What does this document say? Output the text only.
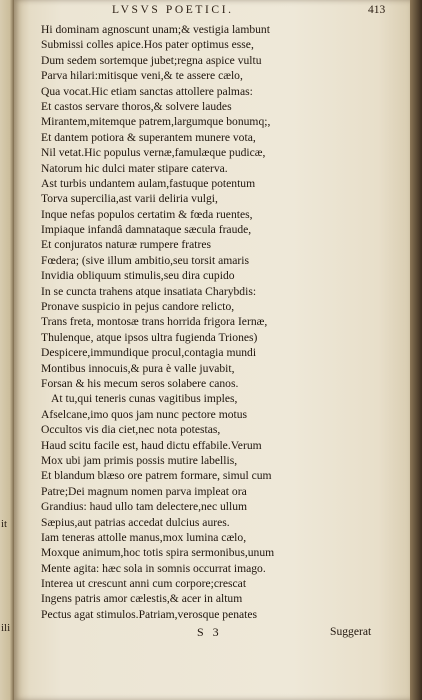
it
ili
LVSVS POETICI.	413
Hi dominam agnoscunt unam;& vestigia lambunt
Submissi colles apice.Hos pater optimus esse,
Dum sedem sortemque jubet;regna aspice vultu
Parva hilari:mitisque veni,& te assere cælo,
Qua vocat.Hic etiam sanctas attollere palmas:
Et castos servare thoros,& solvere laudes
Mirantem,mitemque patrem,largumque bonumq;,
Et dantem potiora & superantem munere vota,
Nil vetat.Hic populus vernæ,famulæque pudicæ,
Natorum hic dulci mater stipare caterva.
Ast turbis undantem aulam,fastuque potentum
Torva supercilia,ast varii deliria vulgi,
Inque nefas populos certatim & fœda ruentes,
Impiaque infandâ damnataque sæcula fraude,
Et conjuratos naturæ rumpere fratres
Fœdera; (sive illum ambitio,seu torsit amaris
Invidia obliquum stimulis,seu dira cupido
In se cuncta trahens atque insatiata Charybdis:
Pronave suspicio in pejus candore relicto,
Trans freta, montosæ trans horrida frigora Iernæ,
Thulenque, atque ipsos ultra fugienda Triones)
Despicere,immundique procul,contagia mundi
Montibus innocuis,& pura è valle juvabit,
Forsan & his mecum seros solabere canos.
At tu,qui teneris cunas vagitibus imples,
Afselcane,imo quos jam nunc pectore motus
Occultos vis dia ciet,nec nota potestas,
Haud scitu facile est, haud dictu effabile.Verum
Mox ubi jam primis possis mutire labellis,
Et blandum blæso ore patrem formare, simul cum
Patre;Dei magnum nomen parva impleat ora
Grandius: haud ullo tam delectere,nec ullum
Sæpius,aut patrias accedat dulcius aures.
Iam teneras attolle manus,mox lumina cælo,
Moxque animum,hoc totis spira sermonibus,unum
Mente agita: hæc sola in somnis occurrat imago.
Interea ut crescunt anni cum corpore;crescat
Ingens patris amor cælestis,& acer in altum
Pectus agat stimulos.Patriam,verosque penates
S 3	Suggerat
